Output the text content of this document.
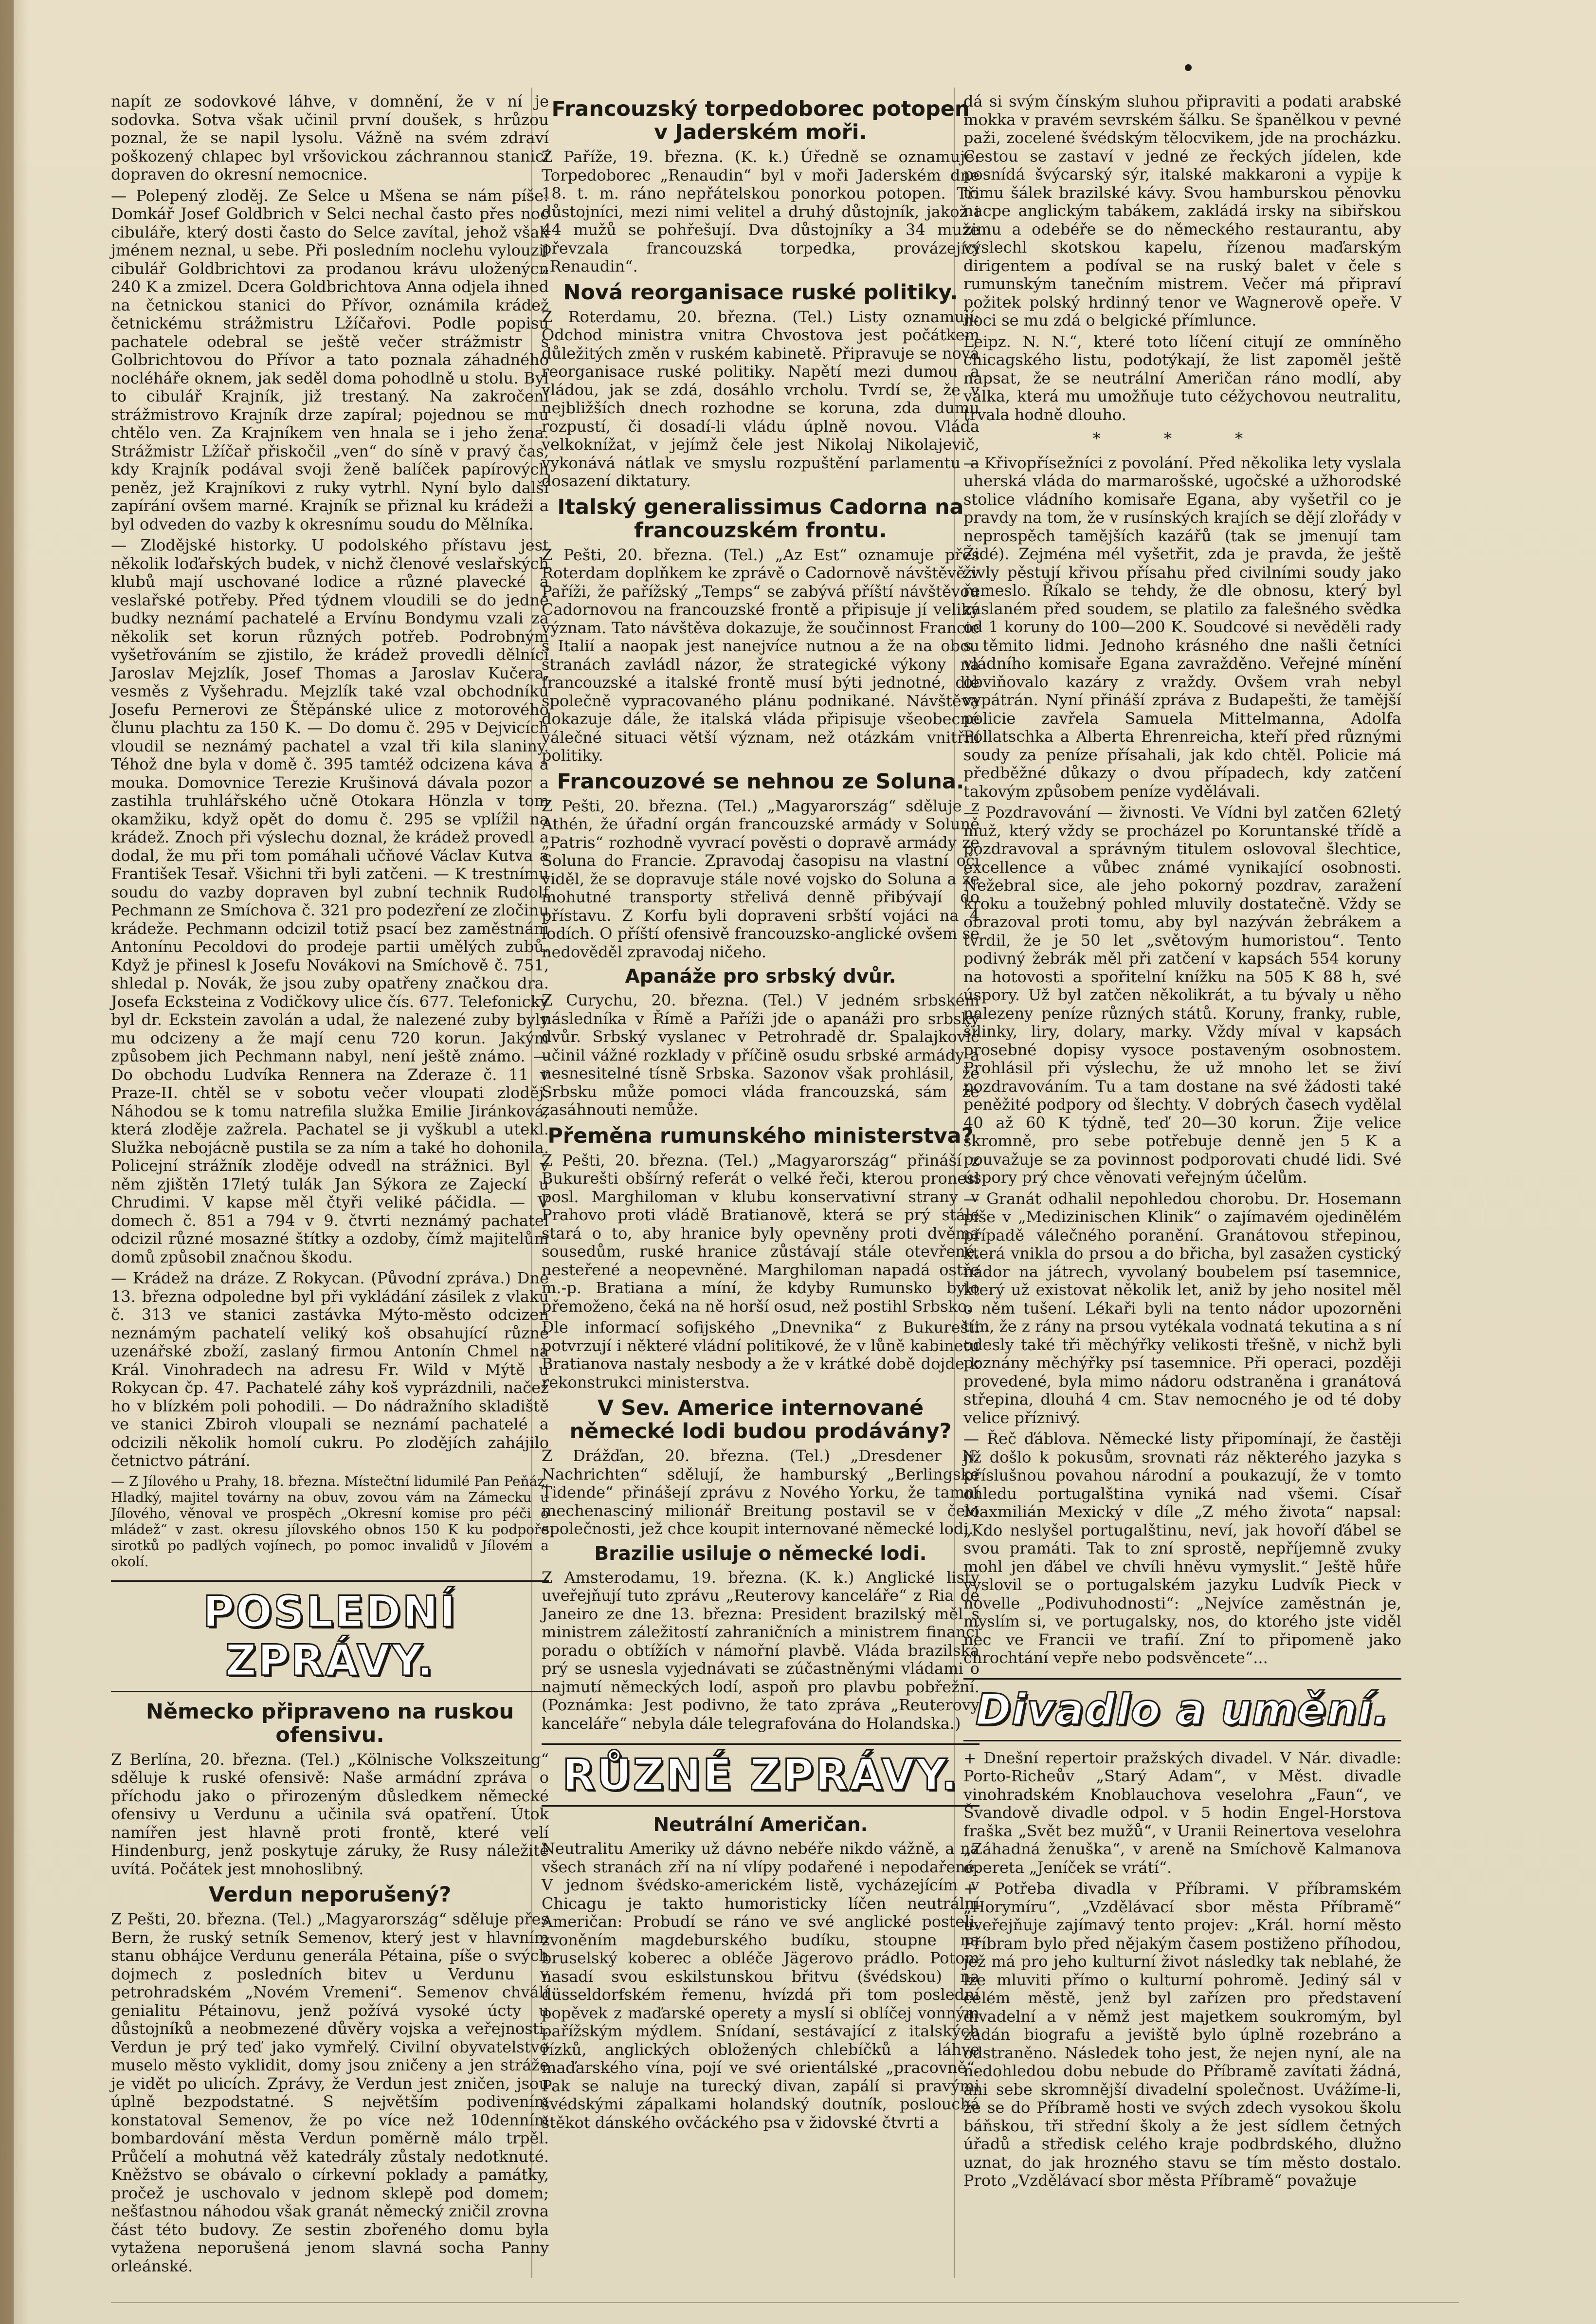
napít ze sodovkové láhve, v domnění, že v ní je sodovka. Sotva však učinil první doušek, s hrůzou poznal, že se napil lysolu. Vážně na svém zdraví poškozený chlapec byl vršovickou záchrannou stanicí dopraven do okresní nemocnice.

— Polepený zloděj. Ze Selce u Mšena se nám píše: Domkář Josef Goldbrich v Selci nechal často přes noc cibuláře, který dosti často do Selce zavítal, jehož však jménem neznal, u sebe. Při posledním noclehu vylouzil cibulář Goldbrichtovi za prodanou krávu uloženýcn 240 K a zmizel. Dcera Goldbrichtova Anna odjela ihned na četnickou stanici do Přívor, oznámila krádež četnickému strážmistru Lžíčařovi. Podle popisu pachatele odebral se ještě večer strážmistr s Golbrichtovou do Přívor a tato poznala záhadného nocléháře oknem, jak seděl doma pohodlně u stolu. Byl to cibulář Krajník, již trestaný. Na zakročení strážmistrovo Krajník drze zapíral; pojednou se mu chtělo ven. Za Krajníkem ven hnala se i jeho žena. Strážmistr Lžíčař přiskočil „ven“ do síně v pravý čas, kdy Krajník podával svoji ženě balíček papírových peněz, jež Krajníkovi z ruky vytrhl. Nyní bylo další zapírání ovšem marné. Krajník se přiznal ku krádeži a byl odveden do vazby k okresnímu soudu do Mělníka.

— Zlodějské historky. U podolského přístavu jest několik loďařských budek, v nichž členové veslařských klubů mají uschované lodice a různé plavecké a veslařské potřeby. Před týdnem vloudili se do jedné budky neznámí pachatelé a Ervínu Bondymu vzali za několik set korun různých potřeb. Podrobným vyšetřováním se zjistilo, že krádež provedli dělníci Jaroslav Mejzlík, Josef Thomas a Jaroslav Kučera, vesměs z Vyšehradu. Mejzlík také vzal obchodníku Josefu Pernerovi ze Štěpánské ulice z motorového člunu plachtu za 150 K. — Do domu č. 295 v Dejvicích vloudil se neznámý pachatel a vzal tři kila slaniny. Téhož dne byla v domě č. 395 tamtéž odcizena káva a mouka. Domovnice Terezie Krušinová dávala pozor a zastihla truhlářského učně Otokara Hönzla v tom okamžiku, když opět do domu č. 295 se vplížil na krádež. Znoch při výslechu doznal, že krádež provedl a dodal, že mu při tom pomáhali učňové Václav Kutva a František Tesař. Všichni tři byli zatčeni. — K trestnímu soudu do vazby dopraven byl zubní technik Rudolf Pechmann ze Smíchova č. 321 pro podezření ze zločinu krádeže. Pechmann odcizil totiž psací bez zaměstnání Antonínu Pecoldovi do prodeje partii umělých zubů. Když je přinesl k Josefu Novákovi na Smíchově č. 751, shledal p. Novák, že jsou zuby opatřeny značkou dra. Josefa Ecksteina z Vodičkovy ulice čís. 677. Telefonicky byl dr. Eckstein zavolán a udal, že nalezené zuby byly mu odcizeny a že mají cenu 720 korun. Jakým způsobem jich Pechmann nabyl, není ještě známo. — Do obchodu Ludvíka Rennera na Zderaze č. 11 v Praze-II. chtěl se v sobotu večer vloupati zloděj. Náhodou se k tomu natrefila služka Emilie Jiránková, která zloděje zažrela. Pachatel se ji vyškubl a utekl. Služka nebojácně pustila se za ním a také ho dohonila. Policejní strážník zloděje odvedl na strážnici. Byl v něm zjištěn 17letý tulák Jan Sýkora ze Zajeckí u Chrudimi. V kapse měl čtyři veliké páčidla. — V domech č. 851 a 794 v 9. čtvrti neznámý pachatel odcizil různé mosazné štítky a ozdoby, čímž majitelům domů způsobil značnou škodu.

— Krádež na dráze. Z Rokycan. (Původní zpráva.) Dne 13. března odpoledne byl při vykládání zásilek z vlaku č. 313 ve stanici zastávka Mýto-město odcizen neznámým pachatelí veliký koš obsahující různé uzenářské zboží, zaslaný firmou Antonín Chmel na Král. Vinohradech na adresu Fr. Wild v Mýtě u Rokycan čp. 47. Pachatelé záhy koš vyprázdnili, načež ho v blízkém poli pohodili. — Do nádražního skladiště ve stanici Zbiroh vloupali se neznámí pachatelé a odcizili několik homolí cukru. Po zlodějích zahájilo četnictvo pátrání.

— Z Jílového u Prahy, 18. března. Místečtní lidumilé Pan Peňáz, Hladký, majitel továrny na obuv, zovou vám na Zámecku u Jílového, věnoval ve prospěch „Okresní komise pro péči o mládež“ v zast. okresu jílovského obnos 150 K ku podpoře sirotků po padlých vojínech, po pomoc invalidů v Jílovém a okolí.

POSLEDNÍ ZPRÁVY.
Německo připraveno na ruskou ofensivu.

Z Berlína, 20. března. (Tel.) „Kölnische Volkszeitung“ sděluje k ruské ofensivě: Naše armádní zpráva o příchodu jako o přirozeným důsledkem německé ofensivy u Verdunu a učinila svá opatření. Útok namířen jest hlavně proti frontě, které velí Hindenburg, jenž poskytuje záruky, že Rusy náležitě uvítá. Počátek jest mnohoslibný.

Verdun neporušený?

Z Pešti, 20. března. (Tel.) „Magyarország“ sděluje přes Bern, že ruský setník Semenov, který jest v hlavním stanu obhájce Verdunu generála Pétaina, píše o svých dojmech z posledních bitev u Verdunu v petrohradském „Novém Vremeni“. Semenov chválí genialitu Pétainovu, jenž požívá vysoké úcty u důstojníků a neobmezené důvěry vojska a veřejnosti. Verdun je prý teď jako vymřelý. Civilní obyvatelstvo muselo město vyklidit, domy jsou zničeny a jen stráže je vidět po ulicích. Zprávy, že Verdun jest zničen, jsou úplně bezpodstatné. S největším podivením konstatoval Semenov, že po více než 10denním bombardování města Verdun poměrně málo trpěl. Průčelí a mohutná věž katedrály zůstaly nedotknuté. Kněžstvo se obávalo o církevní poklady a památky, pročež je uschovalo v jednom sklepě pod domem; nešťastnou náhodou však granát německý zničil zrovna část této budovy. Ze sestin zbořeného domu byla vytažena neporušená jenom slavná socha Panny orleánské.

Francouzský torpedoborec potopen v Jaderském moři.

Z Paříže, 19. března. (K. k.) Úředně se oznamuje: Torpedoborec „Renaudin“ byl v moři Jaderském dne 18. t. m. ráno nepřátelskou ponorkou potopen. Tři důstojníci, mezi nimi velitel a druhý důstojník, jakož i 44 mužů se pohřešují. Dva důstojníky a 34 muže převzala francouzská torpedka, provázející „Renaudin“.

Nová reorganisace ruské politiky.

Z Roterdamu, 20. března. (Tel.) Listy oznamují: Odchod ministra vnitra Chvostova jest počátkem důležitých změn v ruském kabinetě. Připravuje se nová reorganisace ruské politiky. Napětí mezi dumou a vládou, jak se zdá, dosáhlo vrcholu. Tvrdí se, že v nejbližších dnech rozhodne se koruna, zda dumu rozpustí, či dosadí-li vládu úplně novou. Vláda velkoknížat, v jejímž čele jest Nikolaj Nikolajevič, vykonává nátlak ve smyslu rozpuštění parlamentu a dosazení diktatury.

Italský generalissimus Cadorna na francouzském frontu.

Z Pešti, 20. března. (Tel.) „Az Est“ oznamuje přes Roterdam doplňkem ke zprávě o Cadornově návštěvě v Paříži, že pařížský „Temps“ se zabývá příští návštěvou Cadornovou na francouzské frontě a připisuje jí veliký význam. Tato návštěva dokazuje, že součinnost Francie s Italií a naopak jest nanejvíce nutnou a že na obou stranách zavládl názor, že strategické výkony na francouzské a italské frontě musí býti jednotné, dle společně vypracovaného plánu podnikané. Návštěva dokazuje dále, že italská vláda připisuje všeobecné válečné situaci větší význam, než otázkám vnitřní politiky.

Francouzové se nehnou ze Soluna.

Z Pešti, 20. března. (Tel.) „Magyarország“ sděluje z Athén, že úřadní orgán francouzské armády v Soluně „Patris“ rozhodně vyvrací pověsti o dopravě armády ze Soluna do Francie. Zpravodaj časopisu na vlastní oči viděl, že se dopravuje stále nové vojsko do Soluna a že mohutné transporty střelivá denně přibývají do přístavu. Z Korfu byli dopraveni srbští vojáci na 4 lodích. O příští ofensivě francouzsko-anglické ovšem se nedověděl zpravodaj ničeho.

Apanáže pro srbský dvůr.

Z Curychu, 20. března. (Tel.) V jedném srbském následníka v Římě a Paříži jde o apanáži pro srbský dvůr. Srbský vyslanec v Petrohradě dr. Spalajković učinil vážné rozklady v příčině osudu srbské armády a nesnesitelné tísně Srbska. Sazonov však prohlásil, že Srbsku může pomoci vláda francouzská, sám že zasáhnouti nemůže.

Přeměna rumunského ministerstva?

Z Pešti, 20. března. (Tel.) „Magyarország“ přináší z Bukurešti obšírný referát o velké řeči, kterou pronesl posl. Marghiloman v klubu konservativní strany v Prahovo proti vládě Bratianově, která se prý stále stará o to, aby hranice byly opevněny proti dvěma sousedům, ruské hranice zůstávají stále otevřené, nesteřené a neopevněné. Marghiloman napadá ostře m.-p. Bratiana a míní, že kdyby Rumunsko bylo přemoženo, čeká na ně horší osud, než postihl Srbsko.

Dle informací sofijského „Dnevnika“ z Bukurešti potvrzují i některé vládní politikové, že v lůně kabinetu Bratianova nastaly nesbody a že v krátké době dojde k rekonstrukci ministerstva.

V Sev. Americe internované německé lodi budou prodávány?

Z Drážďan, 20. března. (Tel.) „Dresdener N. Nachrichten“ sdělují, že hamburský „Berlingske Tidende“ přinášejí zprávu z Nového Yorku, že tamní mechenasciný milionář Breitung postavil se v čelo společnosti, jež chce koupit internované německé lodi.

Brazilie usiluje o německé lodi.

Z Amsterodamu, 19. března. (K. k.) Anglické listy uveřejňují tuto zprávu „Reuterovy kanceláře“ z Ria de Janeiro ze dne 13. března: President brazilský měl s ministrem záležitostí zahraničních a ministrem financí poradu o obtížích v námořní plavbě. Vláda brazilská prý se usnesla vyjednávati se zúčastněnými vládami o najmutí německých lodí, aspoň pro plavbu pobřežní. (Poznámka: Jest podivno, že tato zpráva „Reuterovy kanceláře“ nebyla dále telegrafována do Holandska.)

RŮZNÉ ZPRÁVY.
Neutrální Američan.

Neutralitu Ameriky už dávno nebéře nikdo vážně, a na všech stranách zří na ní vlípy podařené i nepodařené. V jednom švédsko-americkém listě, vycházejícím v Chicagu je takto humoristicky líčen neutrální Američan: Probudí se ráno ve své anglické posteli, zvoněním magdeburského budíku, stoupne na bruselský koberec a obléče Jägerovo prádlo. Potom nasadí svou eskilstunskou břitvu (švédskou) na düsseldorfském řemenu, hvízdá při tom poslední popěvek z maďarské operety a myslí si oblíčej vonným pařížským mýdlem. Snídaní, sestávající z italských řízků, anglických obložených chlebíčků a láhve maďarského vína, pojí ve své orientálské „pracovně“. Pak se naluje na turecký divan, zapálí si pravými švédskými zápalkami holandský doutník, poslouchá štěkot dánského ovčáckého psa v židovské čtvrti a

dá si svým čínským sluhou připraviti a podati arabské mokka v pravém sevrském šálku. Se španělkou v pevné paži, zocelené švédským tělocvikem, jde na procházku. Cestou se zastaví v jedné ze řeckých jídelen, kde posnídá švýcarský sýr, italské makkaroni a vypije k tomu šálek brazilské kávy. Svou hamburskou pěnovku nacpe anglickým tabákem, zakládá irsky na sibiřskou zimu a odebéře se do německého restaurantu, aby vyslechl skotskou kapelu, řízenou maďarským dirigentem a podíval se na ruský balet v čele s rumunským tanečním mistrem. Večer má připraví požitek polský hrdinný tenor ve Wagnerově opeře. V noci se mu zdá o belgické přímlunce.

Leipz. N. N.“, které toto líčení citují ze omníněho chicagského listu, podotýkají, že list zapoměl ještě napsat, že se neutrální Američan ráno modlí, aby válka, která mu umožňuje tuto céžychovou neutralitu, trvala hodně dlouho.

* * *

— Křivopřísežníci z povolání. Před několika lety vyslala uherská vláda do marmarošské, ugočské a užhorodské stolice vládního komisaře Egana, aby vyšetřil co je pravdy na tom, že v rusínských krajích se dějí zlořády v neprospěch tamějších kazářů (tak se jmenují tam Židé). Zejména mél vyšetřit, zda je pravda, že ještě živly pěstují křivou přísahu před civilními soudy jako řemeslo. Říkalo se tehdy, že dle obnosu, který byl zaslaném před soudem, se platilo za falešného svědka od 1 koruny do 100—200 K. Soudcové si nevěděli rady s těmito lidmi. Jednoho krásného dne našli četníci vládního komisaře Egana zavražděno. Veřejné mínění obviňovalo kazáry z vraždy. Ovšem vrah nebyl vypátrán. Nyní přináší zpráva z Budapešti, že tamější policie zavřela Samuela Mittelmanna, Adolfa Pollatschka a Alberta Ehrenreicha, kteří před různými soudy za peníze přísahali, jak kdo chtěl. Policie má předběžné důkazy o dvou případech, kdy zatčení takovým způsobem peníze vydělávali.

— Pozdravování — živnosti. Ve Vídni byl zatčen 62letý muž, který vždy se procházel po Koruntanské třídě a pozdravoval a správným titulem oslovoval šlechtice, excellence a vůbec známé vynikající osobnosti. Nežebral sice, ale jeho pokorný pozdrav, zaražení kroku a toužebný pohled mluvily dostatečně. Vždy se obrazoval proti tomu, aby byl nazýván žebrákem a tvrdil, že je 50 let „světovým humoristou“. Tento podivný žebrák měl při zatčení v kapsách 554 koruny na hotovosti a spořitelní knížku na 505 K 88 h, své úspory. Už byl zatčen několikrát, a tu bývaly u něho nalezeny peníze různých států. Koruny, franky, ruble, šilinky, liry, dolary, marky. Vždy míval v kapsách prosebné dopisy vysoce postaveným osobnostem. Prohlásil při výslechu, že už mnoho let se živí pozdravováním. Tu a tam dostane na své žádosti také peněžité podpory od šlechty. V dobrých časech vydělal 40 až 60 K týdně, teď 20—30 korun. Žije velice skromně, pro sebe potřebuje denně jen 5 K a pouvažuje se za povinnost podporovati chudé lidi. Své úspory prý chce věnovati veřejným účelům.

— Granát odhalil nepohledou chorobu. Dr. Hosemann píše v „Medizinischen Klinik“ o zajímavém ojedinělém případě válečného poranění. Granátovou střepinou, která vnikla do prsou a do břicha, byl zasažen cystický nádor na játrech, vyvolaný boubelem psí tasemnice, který už existovat několik let, aniž by jeho nositel měl o něm tušení. Lékaři byli na tento nádor upozorněni tím, že z rány na prsou vytékala vodnatá tekutina a s ní odesly také tři měchýřky velikosti třešně, v nichž byli poznány měchýřky psí tasemnice. Při operaci, později provedené, byla mimo nádoru odstraněna i granátová střepina, dlouhá 4 cm. Stav nemocného je od té doby velice příznivý.

— Řeč ďáblova. Německé listy připomínají, že častěji již došlo k pokusům, srovnati ráz některého jazyka s příslušnou povahou národní a poukazují, že v tomto ohledu portugalština vyniká nad všemi. Císař Maxmilián Mexický v díle „Z mého života“ napsal: „Kdo neslyšel portugalštinu, neví, jak hovoří ďábel se svou pramáti. Tak to zní sprostě, nepříjemně zvuky mohl jen ďábel ve chvíli hněvu vymyslit.“ Ještě hůře vyslovil se o portugalském jazyku Ludvík Pieck v novelle „Podivuhodnosti“: „Nejvíce zaměstnán je, myslím si, ve portugalsky, nos, do ktorého jste viděl nec ve Francii ve trafií. Zní to připomeně jako chrochtání vepře nebo podsvěncete“...

Divadlo a umění.

+ Dnešní repertoir pražských divadel. V Nár. divadle: Porto-Richeův „Starý Adam“, v Měst. divadle vinohradském Knoblauchova veselohra „Faun“, ve Švandově divadle odpol. v 5 hodin Engel-Horstova fraška „Svět bez mužů“, v Uranii Reinertova veselohra „Záhadná ženuška“, v areně na Smíchově Kalmanova opereta „Jeníček se vrátí“.

+ Potřeba divadla v Příbrami. V příbramském „Horymíru“, „Vzdělávací sbor města Příbramě“ uveřejňuje zajímavý tento projev: „Král. horní město Příbram bylo před nějakým časem postiženo příhodou, jež má pro jeho kulturní život následky tak neblahé, že lze mluviti přímo o kulturní pohromě. Jediný sál v celém městě, jenž byl zařízen pro představení divadelní a v němž jest majetkem soukromým, byl zadán biografu a jeviště bylo úplně rozebráno a odstraněno. Následek toho jest, že nejen nyní, ale na nedohledou dobu nebude do Příbramě zavítati žádná, ani sebe skromnější divadelní společnost. Uvážíme-li, že se do Příbramě hosti ve svých zdech vysokou školu báňskou, tři střední školy a že jest sídlem četných úřadů a středisk celého kraje podbrdského, dlužno uznat, do jak hrozného stavu se tím město dostalo. Proto „Vzdělávací sbor města Příbramě“ považuje
